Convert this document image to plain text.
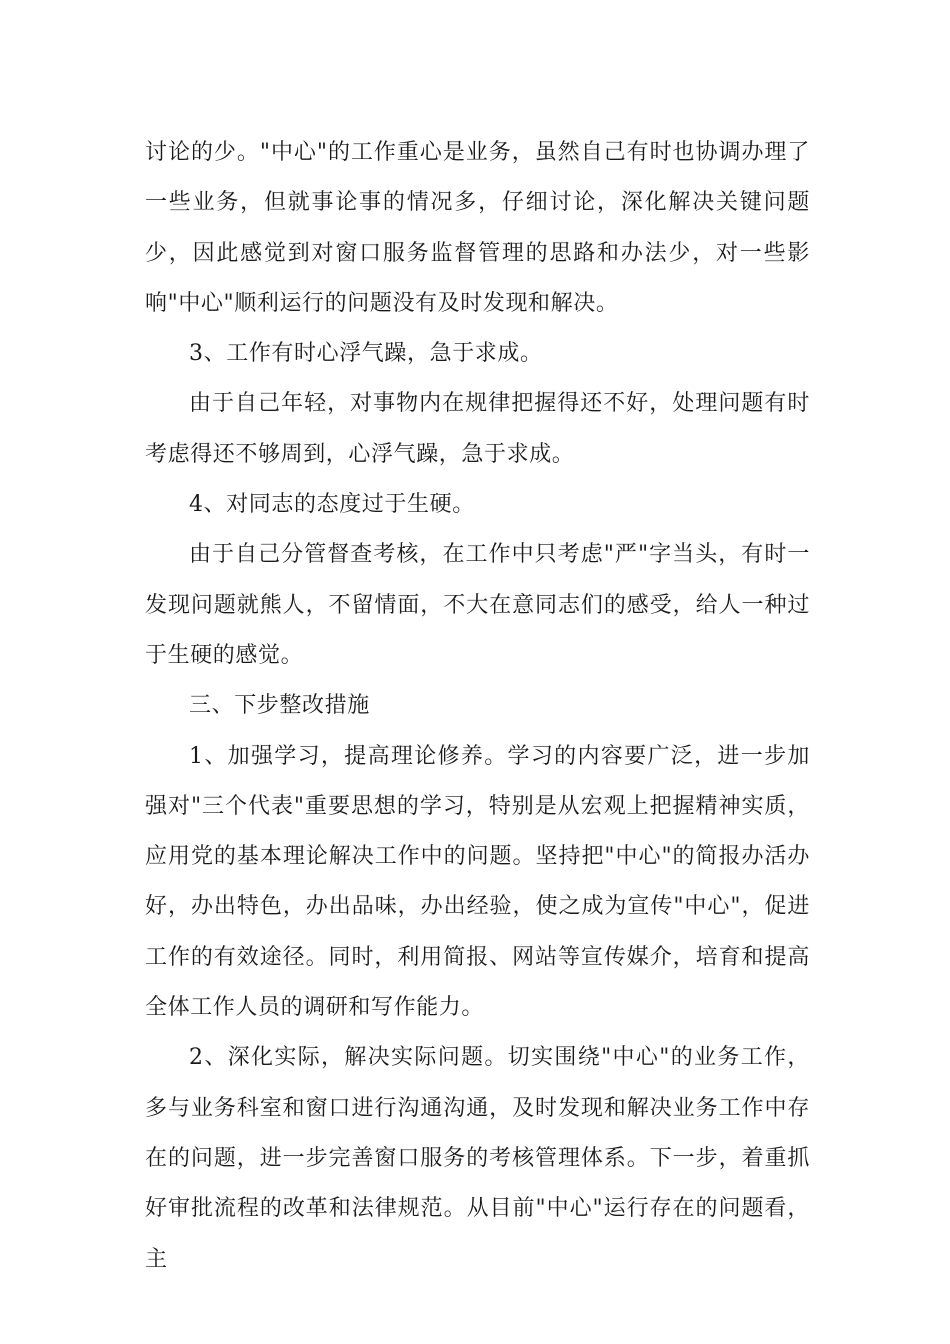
讨论的少。"中心"的工作重心是业务，虽然自己有时也协调办理了一些业务，但就事论事的情况多，仔细讨论，深化解决关键问题少，因此感觉到对窗口服务监督管理的思路和办法少，对一些影响"中心"顺利运行的问题没有及时发现和解决。

3、工作有时心浮气躁，急于求成。

由于自己年轻，对事物内在规律把握得还不好，处理问题有时考虑得还不够周到，心浮气躁，急于求成。

4、对同志的态度过于生硬。

由于自己分管督查考核，在工作中只考虑"严"字当头，有时一发现问题就熊人，不留情面，不大在意同志们的感受，给人一种过于生硬的感觉。

三、下步整改措施

1、加强学习，提高理论修养。学习的内容要广泛，进一步加强对"三个代表"重要思想的学习，特别是从宏观上把握精神实质，应用党的基本理论解决工作中的问题。坚持把"中心"的简报办活办好，办出特色，办出品味，办出经验，使之成为宣传"中心"，促进工作的有效途径。同时，利用简报、网站等宣传媒介，培育和提高全体工作人员的调研和写作能力。

2、深化实际，解决实际问题。切实围绕"中心"的业务工作，多与业务科室和窗口进行沟通沟通，及时发现和解决业务工作中存在的问题，进一步完善窗口服务的考核管理体系。下一步，着重抓好审批流程的改革和法律规范。从目前"中心"运行存在的问题看，主
